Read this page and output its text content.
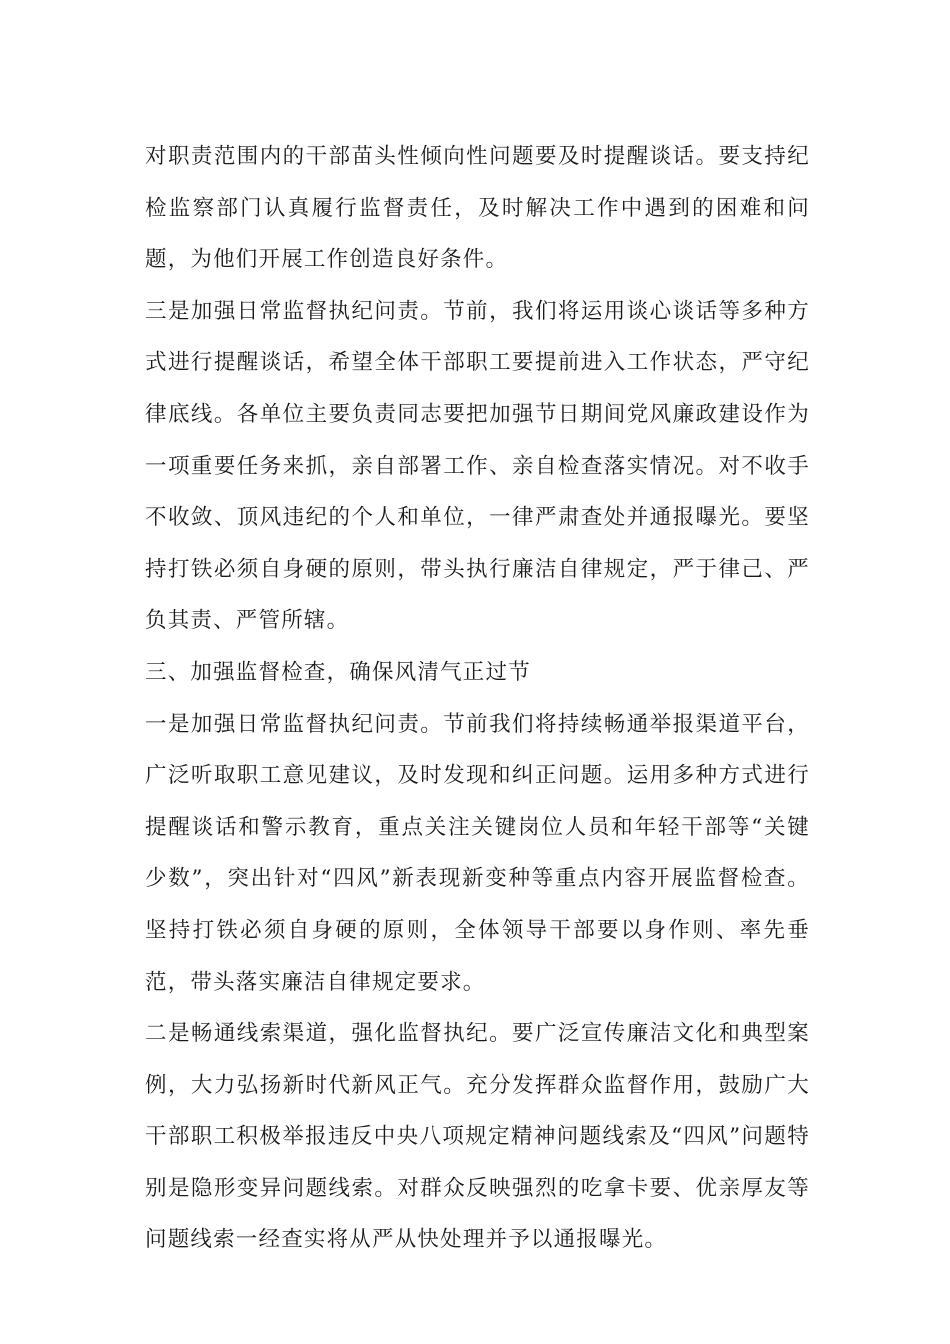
对职责范围内的干部苗头性倾向性问题要及时提醒谈话。要支持纪检监察部门认真履行监督责任，及时解决工作中遇到的困难和问题，为他们开展工作创造良好条件。

三是加强日常监督执纪问责。节前，我们将运用谈心谈话等多种方式进行提醒谈话，希望全体干部职工要提前进入工作状态，严守纪律底线。各单位主要负责同志要把加强节日期间党风廉政建设作为一项重要任务来抓，亲自部署工作、亲自检查落实情况。对不收手不收敛、顶风违纪的个人和单位，一律严肃查处并通报曝光。要坚持打铁必须自身硬的原则，带头执行廉洁自律规定，严于律己、严负其责、严管所辖。

三、加强监督检查，确保风清气正过节

一是加强日常监督执纪问责。节前我们将持续畅通举报渠道平台，广泛听取职工意见建议，及时发现和纠正问题。运用多种方式进行提醒谈话和警示教育，重点关注关键岗位人员和年轻干部等“关键少数”，突出针对“四风”新表现新变种等重点内容开展监督检查。坚持打铁必须自身硬的原则，全体领导干部要以身作则、率先垂范，带头落实廉洁自律规定要求。

二是畅通线索渠道，强化监督执纪。要广泛宣传廉洁文化和典型案例，大力弘扬新时代新风正气。充分发挥群众监督作用，鼓励广大干部职工积极举报违反中央八项规定精神问题线索及“四风”问题特别是隐形变异问题线索。对群众反映强烈的吃拿卡要、优亲厚友等问题线索一经查实将从严从快处理并予以通报曝光。
